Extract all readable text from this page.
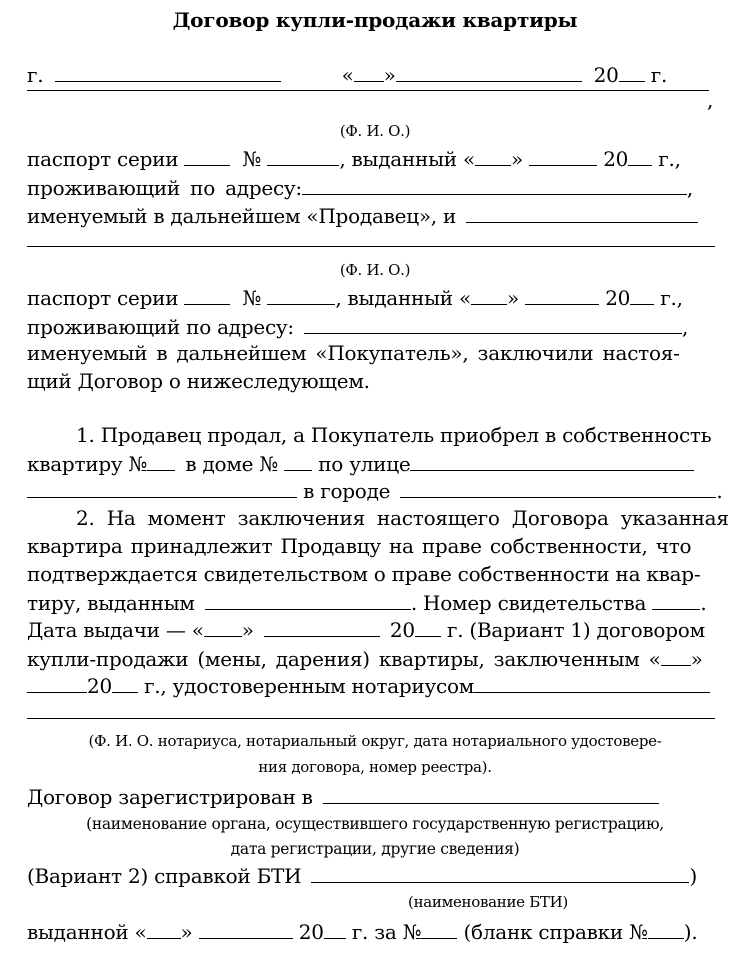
Договор купли-продажи квартиры
г.	« »	20 г.
,
(Ф. И. О.)
паспорт серии	№	, выданный « »	20 г.,
проживающий по адресу:	,
именуемый в дальнейшем «Продавец», и
(Ф. И. О.)
паспорт серии	№	, выданный « »	20 г.,
проживающий по адресу:	,
именуемый в дальнейшем «Покупатель», заключили настоя-
щий Договор о нижеследующем.
1. Продавец продал, а Покупатель приобрел в собственность
квартиру № в доме № по улице
в городе	.
2. На момент заключения настоящего Договора указанная
квартира принадлежит Продавцу на праве собственности, что
подтверждается свидетельством о праве собственности на квар-
тиру, выданным	. Номер свидетельства	.
Дата выдачи — « »	20 г. (Вариант 1) договором
купли-продажи (мены, дарения) квартиры, заключенным « »
20 г., удостоверенным нотариусом
(Ф. И. О. нотариуса, нотариальный округ, дата нотариального удостовере-
ния договора, номер реестра).
Договор зарегистрирован в
(наименование органа, осуществившего государственную регистрацию,
дата регистрации, другие сведения)
(Вариант 2) справкой БТИ	)
(наименование БТИ)
выданной « »	20 г. за № (бланк справки № ).
